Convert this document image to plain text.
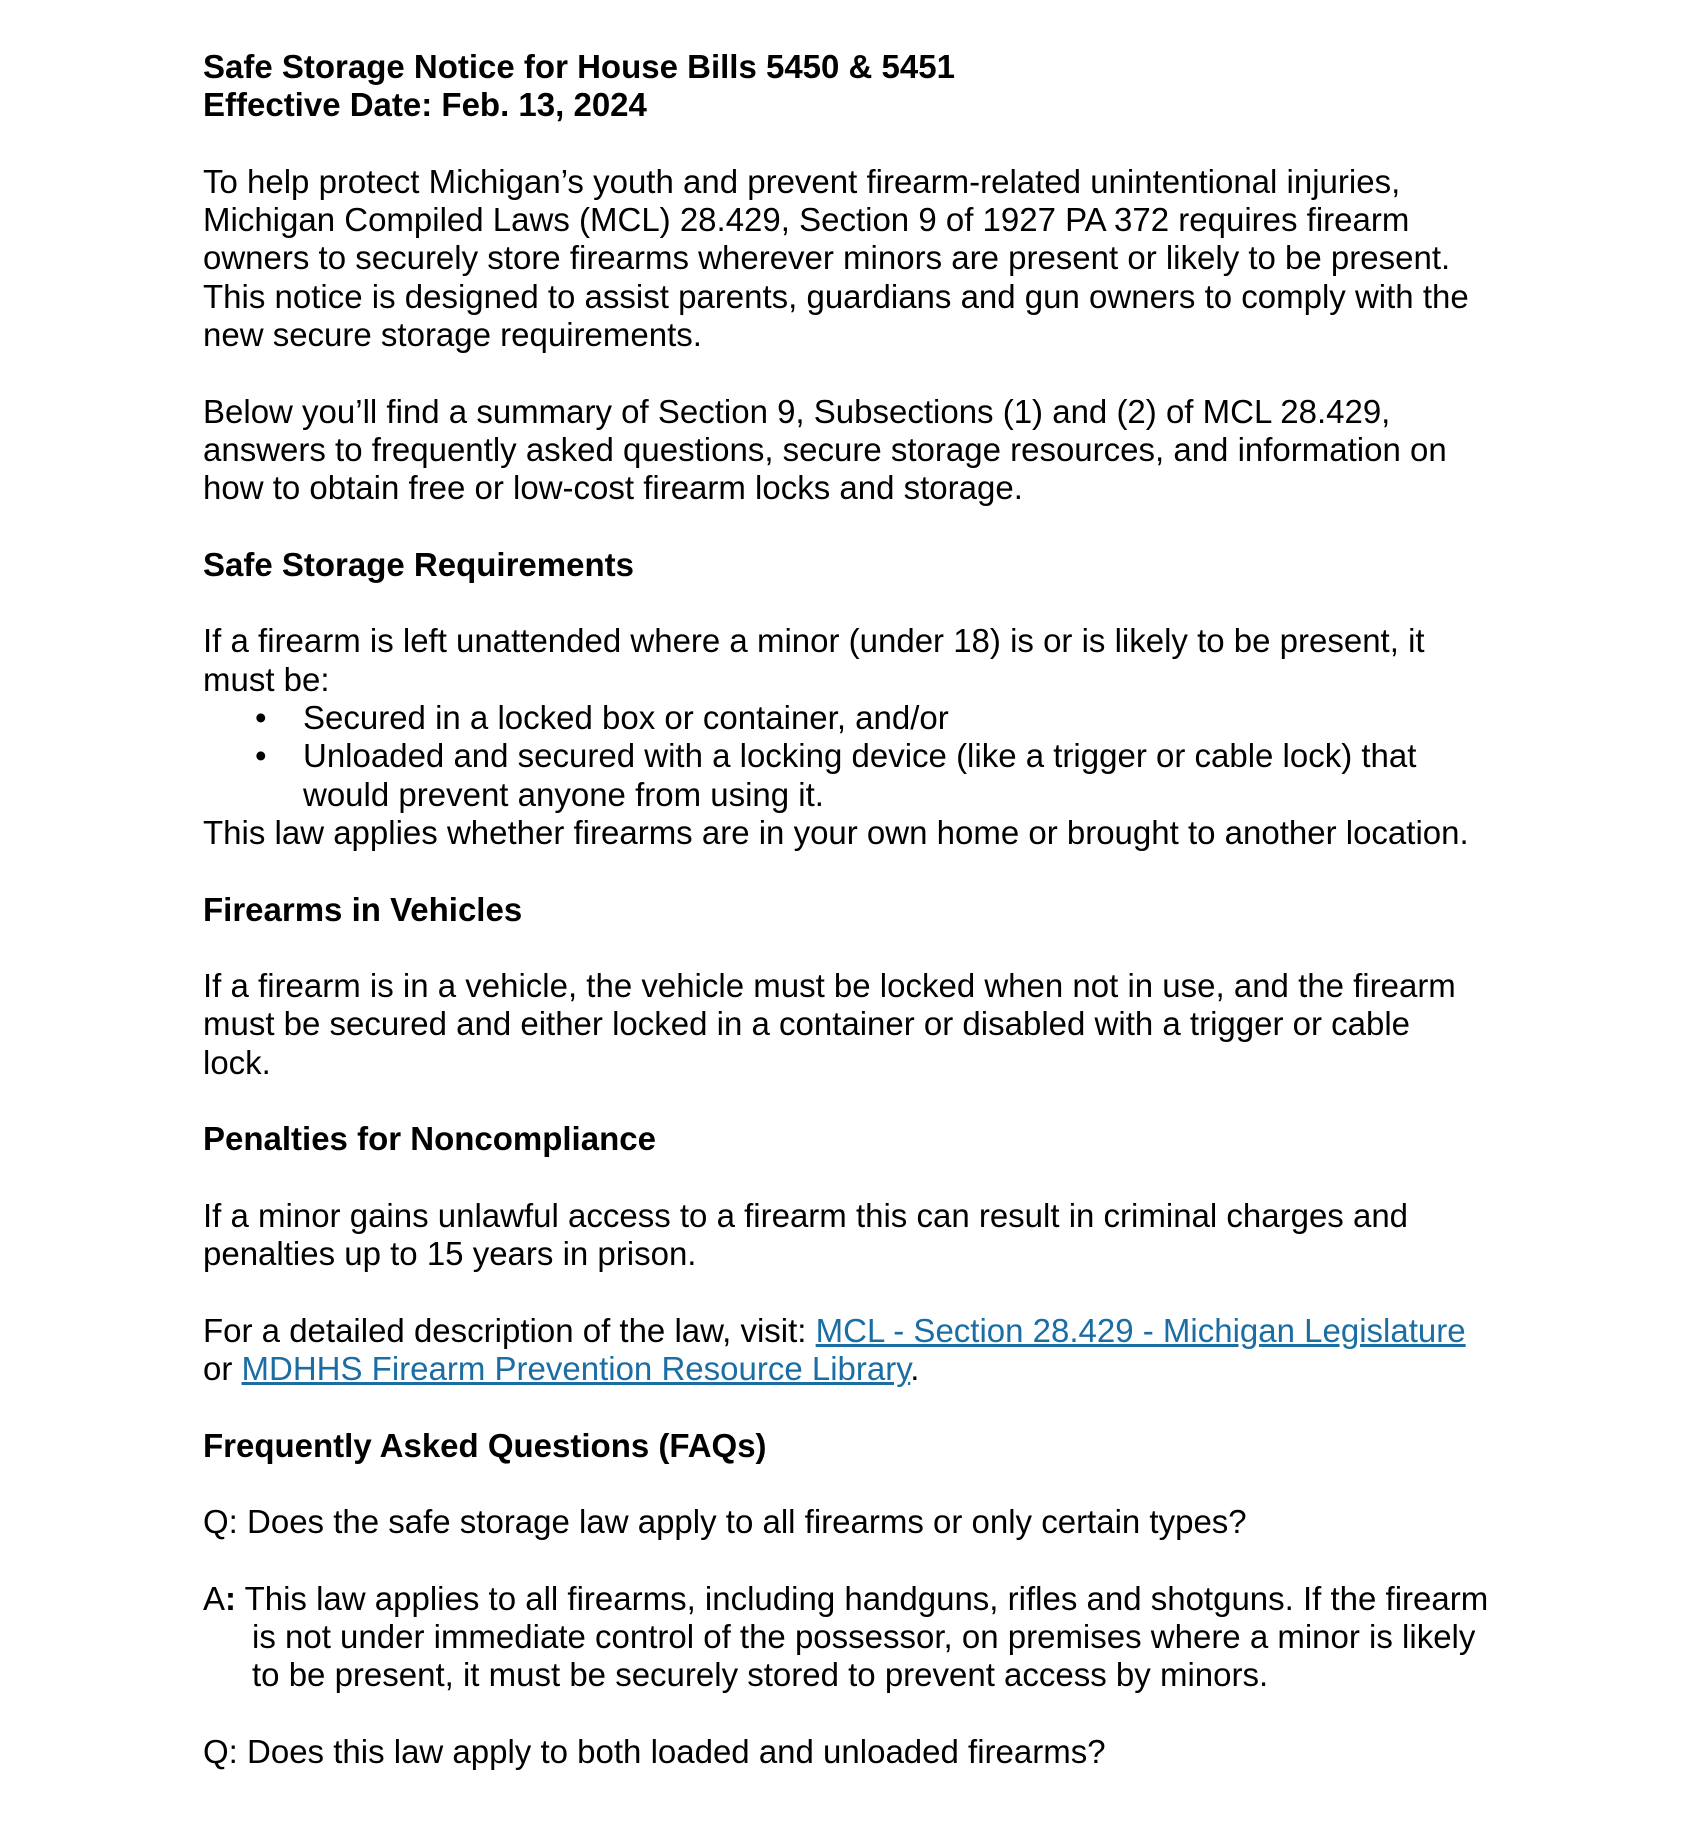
Safe Storage Notice for House Bills 5450 & 5451
Effective Date: Feb. 13, 2024
To help protect Michigan’s youth and prevent firearm-related unintentional injuries,
Michigan Compiled Laws (MCL) 28.429, Section 9 of 1927 PA 372 requires firearm
owners to securely store firearms wherever minors are present or likely to be present.
This notice is designed to assist parents, guardians and gun owners to comply with the
new secure storage requirements.
Below you’ll find a summary of Section 9, Subsections (1) and (2) of MCL 28.429,
answers to frequently asked questions, secure storage resources, and information on
how to obtain free or low-cost firearm locks and storage.
Safe Storage Requirements
If a firearm is left unattended where a minor (under 18) is or is likely to be present, it
must be:
• Secured in a locked box or container, and/or
• Unloaded and secured with a locking device (like a trigger or cable lock) that
would prevent anyone from using it.
This law applies whether firearms are in your own home or brought to another location.
Firearms in Vehicles
If a firearm is in a vehicle, the vehicle must be locked when not in use, and the firearm
must be secured and either locked in a container or disabled with a trigger or cable
lock.
Penalties for Noncompliance
If a minor gains unlawful access to a firearm this can result in criminal charges and
penalties up to 15 years in prison.
For a detailed description of the law, visit: MCL - Section 28.429 - Michigan Legislature
or MDHHS Firearm Prevention Resource Library.
Frequently Asked Questions (FAQs)
Q: Does the safe storage law apply to all firearms or only certain types?
A: This law applies to all firearms, including handguns, rifles and shotguns. If the firearm
is not under immediate control of the possessor, on premises where a minor is likely
to be present, it must be securely stored to prevent access by minors.
Q: Does this law apply to both loaded and unloaded firearms?
